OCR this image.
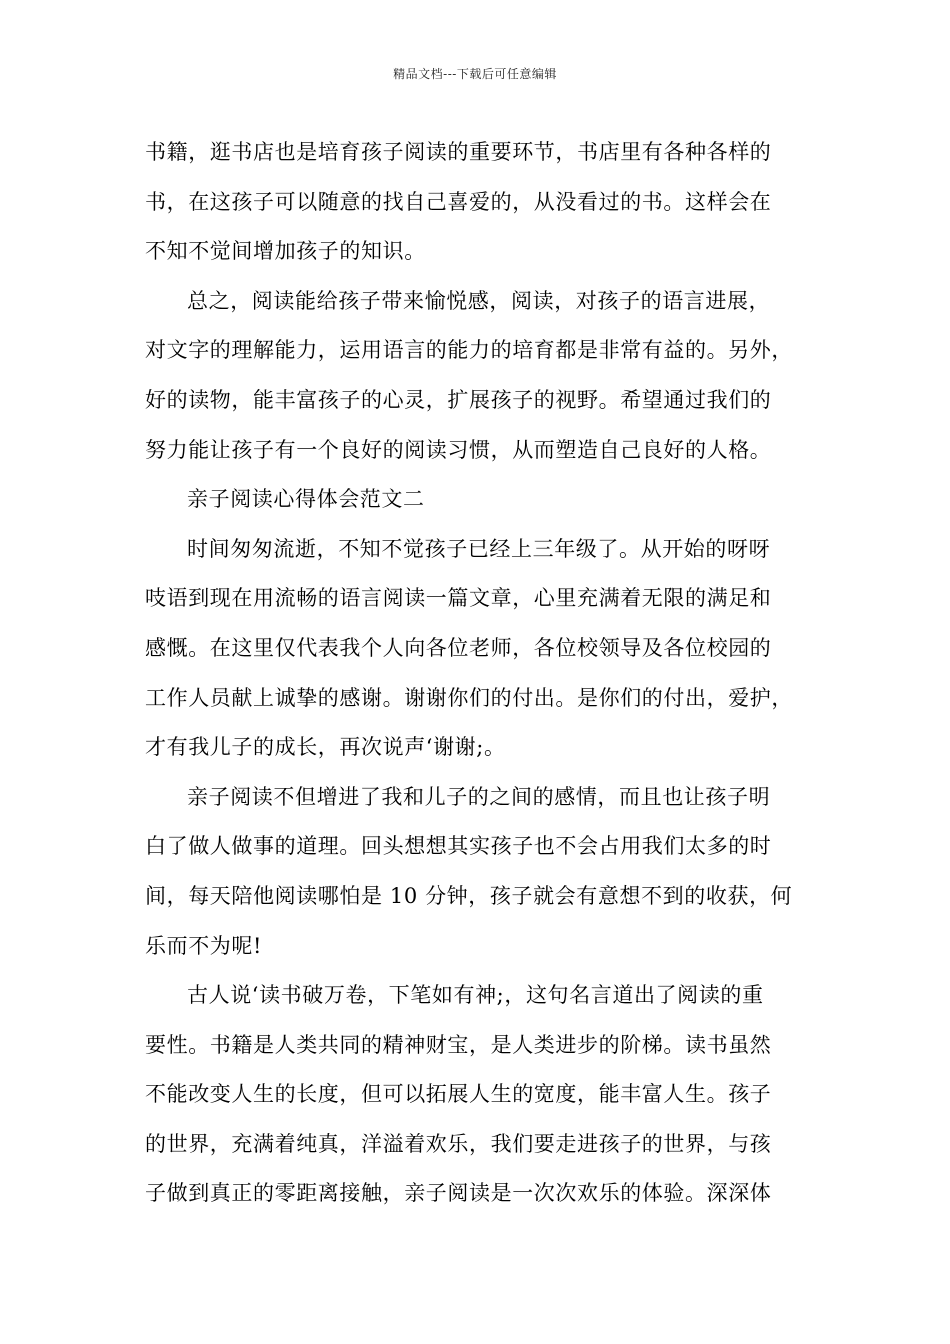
精品文档---下载后可任意编辑
书籍，逛书店也是培育孩子阅读的重要环节，书店里有各种各样的
书，在这孩子可以随意的找自己喜爱的，从没看过的书。这样会在
不知不觉间增加孩子的知识。
总之，阅读能给孩子带来愉悦感，阅读，对孩子的语言进展，
对文字的理解能力，运用语言的能力的培育都是非常有益的。另外，
好的读物，能丰富孩子的心灵，扩展孩子的视野。希望通过我们的
努力能让孩子有一个良好的阅读习惯，从而塑造自己良好的人格。
亲子阅读心得体会范文二
时间匆匆流逝，不知不觉孩子已经上三年级了。从开始的呀呀
吱语到现在用流畅的语言阅读一篇文章，心里充满着无限的满足和
感慨。在这里仅代表我个人向各位老师，各位校领导及各位校园的
工作人员献上诚挚的感谢。谢谢你们的付出。是你们的付出，爱护，
才有我儿子的成长，再次说声‘谢谢;。
亲子阅读不但增进了我和儿子的之间的感情，而且也让孩子明
白了做人做事的道理。回头想想其实孩子也不会占用我们太多的时
间，每天陪他阅读哪怕是 10 分钟，孩子就会有意想不到的收获，何
乐而不为呢!
古人说‘读书破万卷，下笔如有神;，这句名言道出了阅读的重
要性。书籍是人类共同的精神财宝，是人类进步的阶梯。读书虽然
不能改变人生的长度，但可以拓展人生的宽度，能丰富人生。孩子
的世界，充满着纯真，洋溢着欢乐，我们要走进孩子的世界，与孩
子做到真正的零距离接触，亲子阅读是一次次欢乐的体验。深深体
